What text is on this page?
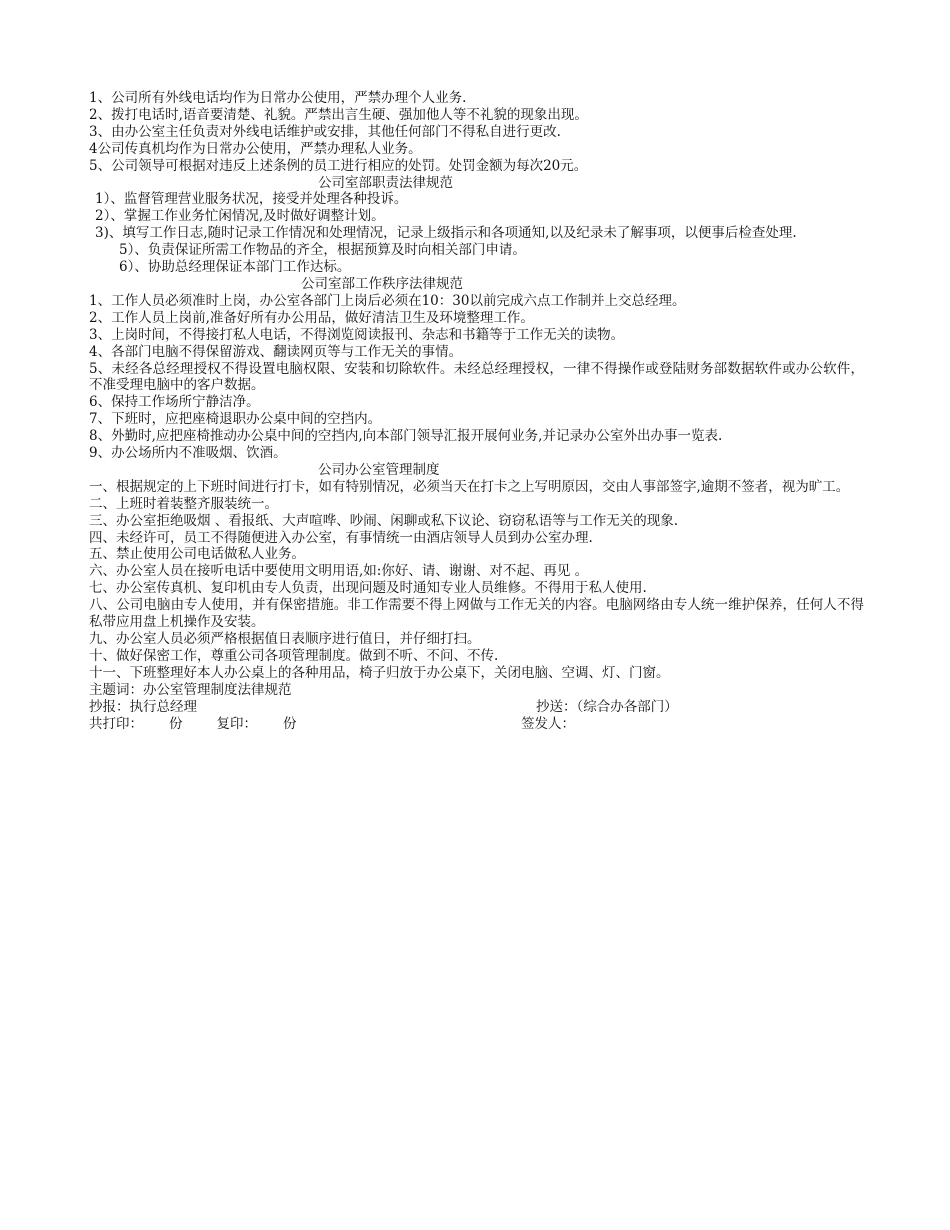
1、公司所有外线电话均作为日常办公使用，严禁办理个人业务.
2、拨打电话时,语音要清楚、礼貌。严禁出言生硬、强加他人等不礼貌的现象出现。
3、由办公室主任负责对外线电话维护或安排，其他任何部门不得私自进行更改.
4公司传真机均作为日常办公使用，严禁办理私人业务。
5、公司领导可根据对违反上述条例的员工进行相应的处罚。处罚金额为每次20元。
公司室部职责法律规范
1）、监督管理营业服务状况，接受并处理各种投诉。
2）、掌握工作业务忙闲情况,及时做好调整计划。
3)、填写工作日志,随时记录工作情况和处理情况，记录上级指示和各项通知,以及纪录未了解事项，以便事后检查处理.
5）、负责保证所需工作物品的齐全，根据预算及时向相关部门申请。
6）、协助总经理保证本部门工作达标。
公司室部工作秩序法律规范
1、工作人员必须准时上岗，办公室各部门上岗后必须在10：30以前完成六点工作制并上交总经理。
2、工作人员上岗前,准备好所有办公用品，做好清洁卫生及环境整理工作。
3、上岗时间，不得接打私人电话，不得浏览阅读报刊、杂志和书籍等于工作无关的读物。
4、各部门电脑不得保留游戏、翻读网页等与工作无关的事情。
5、未经各总经理授权不得设置电脑权限、安装和切除软件。未经总经理授权，一律不得操作或登陆财务部数据软件或办公软件，不准受理电脑中的客户数据。
6、保持工作场所宁静洁净。
7、下班时，应把座椅退职办公桌中间的空挡内。
8、外勤时,应把座椅推动办公桌中间的空挡内,向本部门领导汇报开展何业务,并记录办公室外出办事一览表.
9、办公场所内不准吸烟、饮酒。
公司办公室管理制度
一、根据规定的上下班时间进行打卡，如有特别情况，必须当天在打卡之上写明原因，交由人事部签字,逾期不签者，视为旷工。
二、上班时着装整齐服装统一。
三、办公室拒绝吸烟 、看报纸、大声喧哗、吵闹、闲聊或私下议论、窃窃私语等与工作无关的现象.
四、未经许可，员工不得随便进入办公室，有事情统一由酒店领导人员到办公室办理.
五、禁止使用公司电话做私人业务。
六、办公室人员在接听电话中要使用文明用语,如:你好、请、谢谢、对不起、再见 。
七、办公室传真机、复印机由专人负责，出现问题及时通知专业人员维修。不得用于私人使用.
八、公司电脑由专人使用，并有保密措施。非工作需要不得上网做与工作无关的内容。电脑网络由专人统一维护保养，任何人不得私带应用盘上机操作及安装。
九、办公室人员必须严格根据值日表顺序进行值日，并仔细打扫。
十、做好保密工作，尊重公司各项管理制度。做到不听、不问、不传.
十一、下班整理好本人办公桌上的各种用品，椅子归放于办公桌下，关闭电脑、空调、灯、门窗。
主题词：办公室管理制度法律规范
抄报：执行总经理	抄送：（综合办各部门）
共打印： 份	复印： 份	签发人：
